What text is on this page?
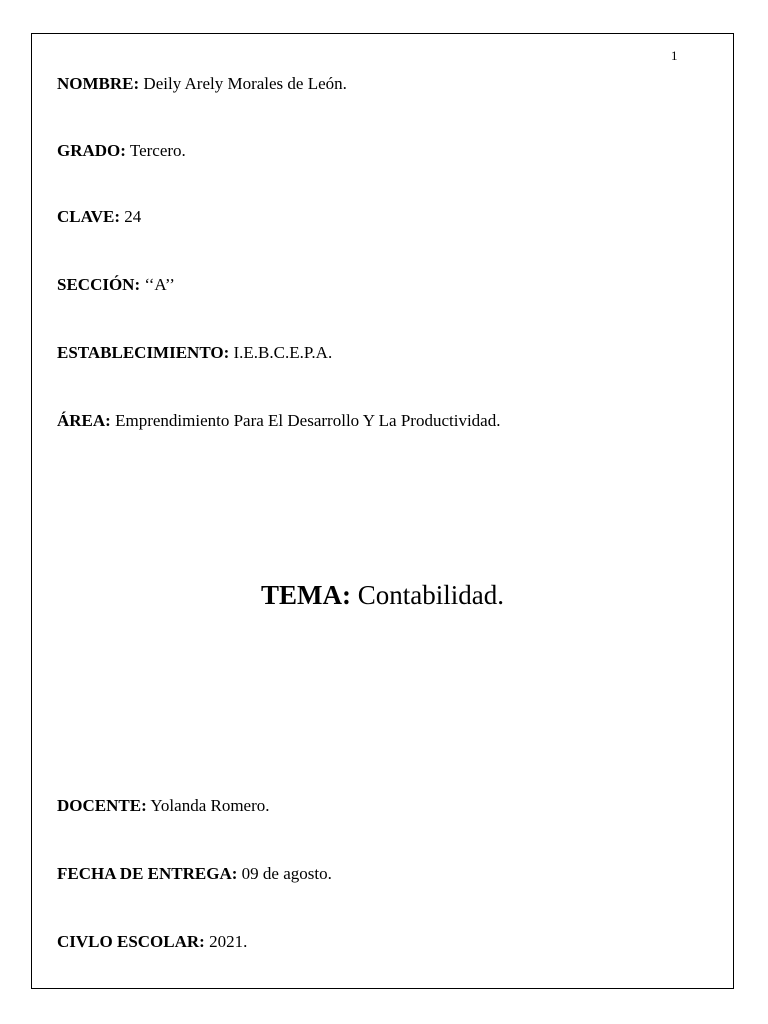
1
NOMBRE: Deily Arely Morales de León.
GRADO: Tercero.
CLAVE: 24
SECCIÓN: ‘‘A’’
ESTABLECIMIENTO: I.E.B.C.E.P.A.
ÁREA: Emprendimiento Para El Desarrollo Y La Productividad.
TEMA: Contabilidad.
DOCENTE: Yolanda Romero.
FECHA DE ENTREGA: 09 de agosto.
CIVLO ESCOLAR: 2021.
